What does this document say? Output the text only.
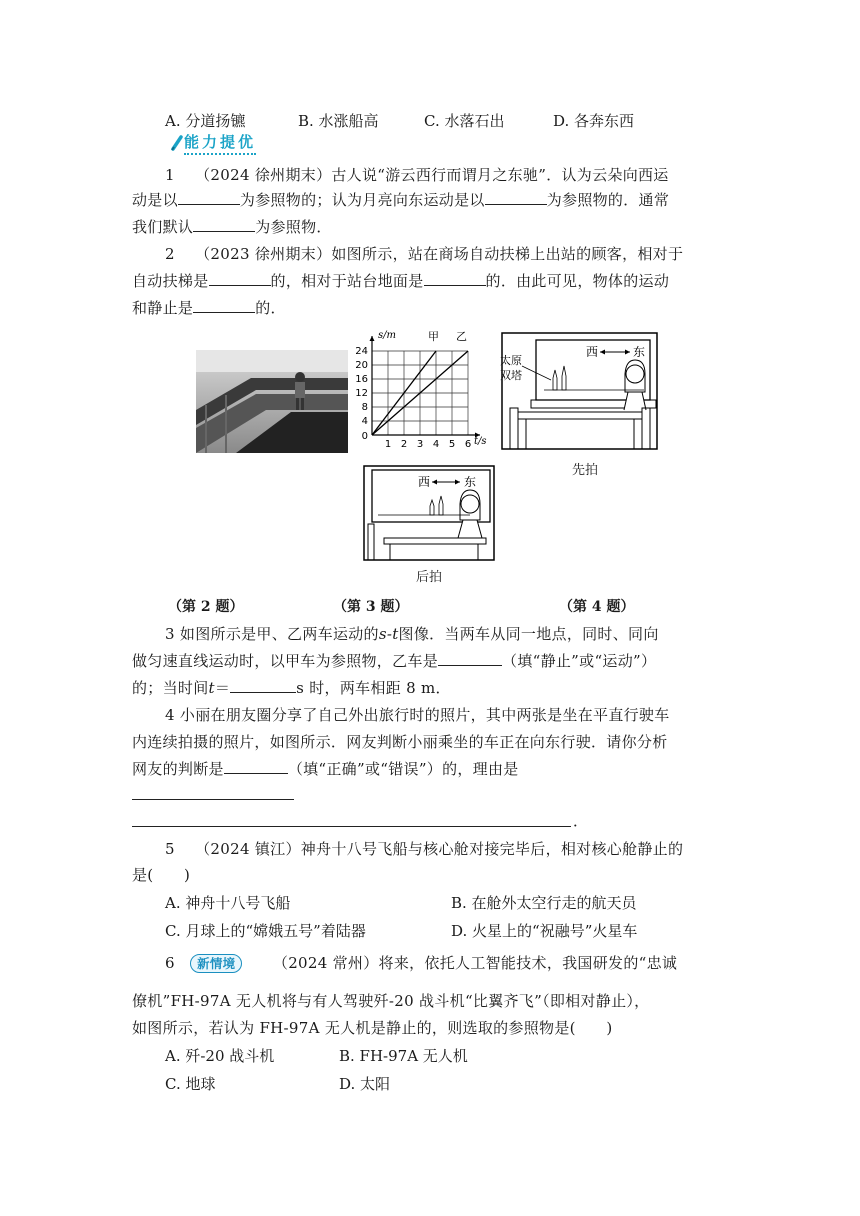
A. 分道扬镳	B. 水涨船高	C. 水落石出	D. 各奔东西
能力提优
1 （2024 徐州期末）古人说“游云西行而谓月之东驰”．认为云朵向西运
动是以	为参照物的；认为月亮向东运动是以	为参照物的．通常
我们默认	为参照物．
2 （2023 徐州期末）如图所示，站在商场自动扶梯上出站的顾客，相对于
自动扶梯是	的，相对于站台地面是	的．由此可见，物体的运动
和静止是	的．
s/m
t/s
甲 乙
24
20
16
12
8
4
0
1 2 3 4 5 6
太原
双塔
西	东
先拍
西	东
后拍
（第 2 题）	（第 3 题）	（第 4 题）
3 如图所示是甲、乙两车运动的s-t图像．当两车从同一地点，同时、同向
做匀速直线运动时，以甲车为参照物，乙车是	（填“静止”或“运动”）
的；当时间t＝	s 时，两车相距 8 m．
4 小丽在朋友圈分享了自己外出旅行时的照片，其中两张是坐在平直行驶车
内连续拍摄的照片，如图所示．网友判断小丽乘坐的车正在向东行驶．请你分析
网友的判断是	（填“正确”或“错误”）的，理由是
．
5 （2024 镇江）神舟十八号飞船与核心舱对接完毕后，相对核心舱静止的
是(　　)
A. 神舟十八号飞船	B. 在舱外太空行走的航天员
C. 月球上的“嫦娥五号”着陆器	D. 火星上的“祝融号”火星车
6 新情境 （2024 常州）将来，依托人工智能技术，我国研发的“忠诚
僚机”FH-97A 无人机将与有人驾驶歼-20 战斗机“比翼齐飞”（即相对静止），
如图所示，若认为 FH-97A 无人机是静止的，则选取的参照物是(　　)
A. 歼-20 战斗机	B. FH-97A 无人机
C. 地球	D. 太阳
